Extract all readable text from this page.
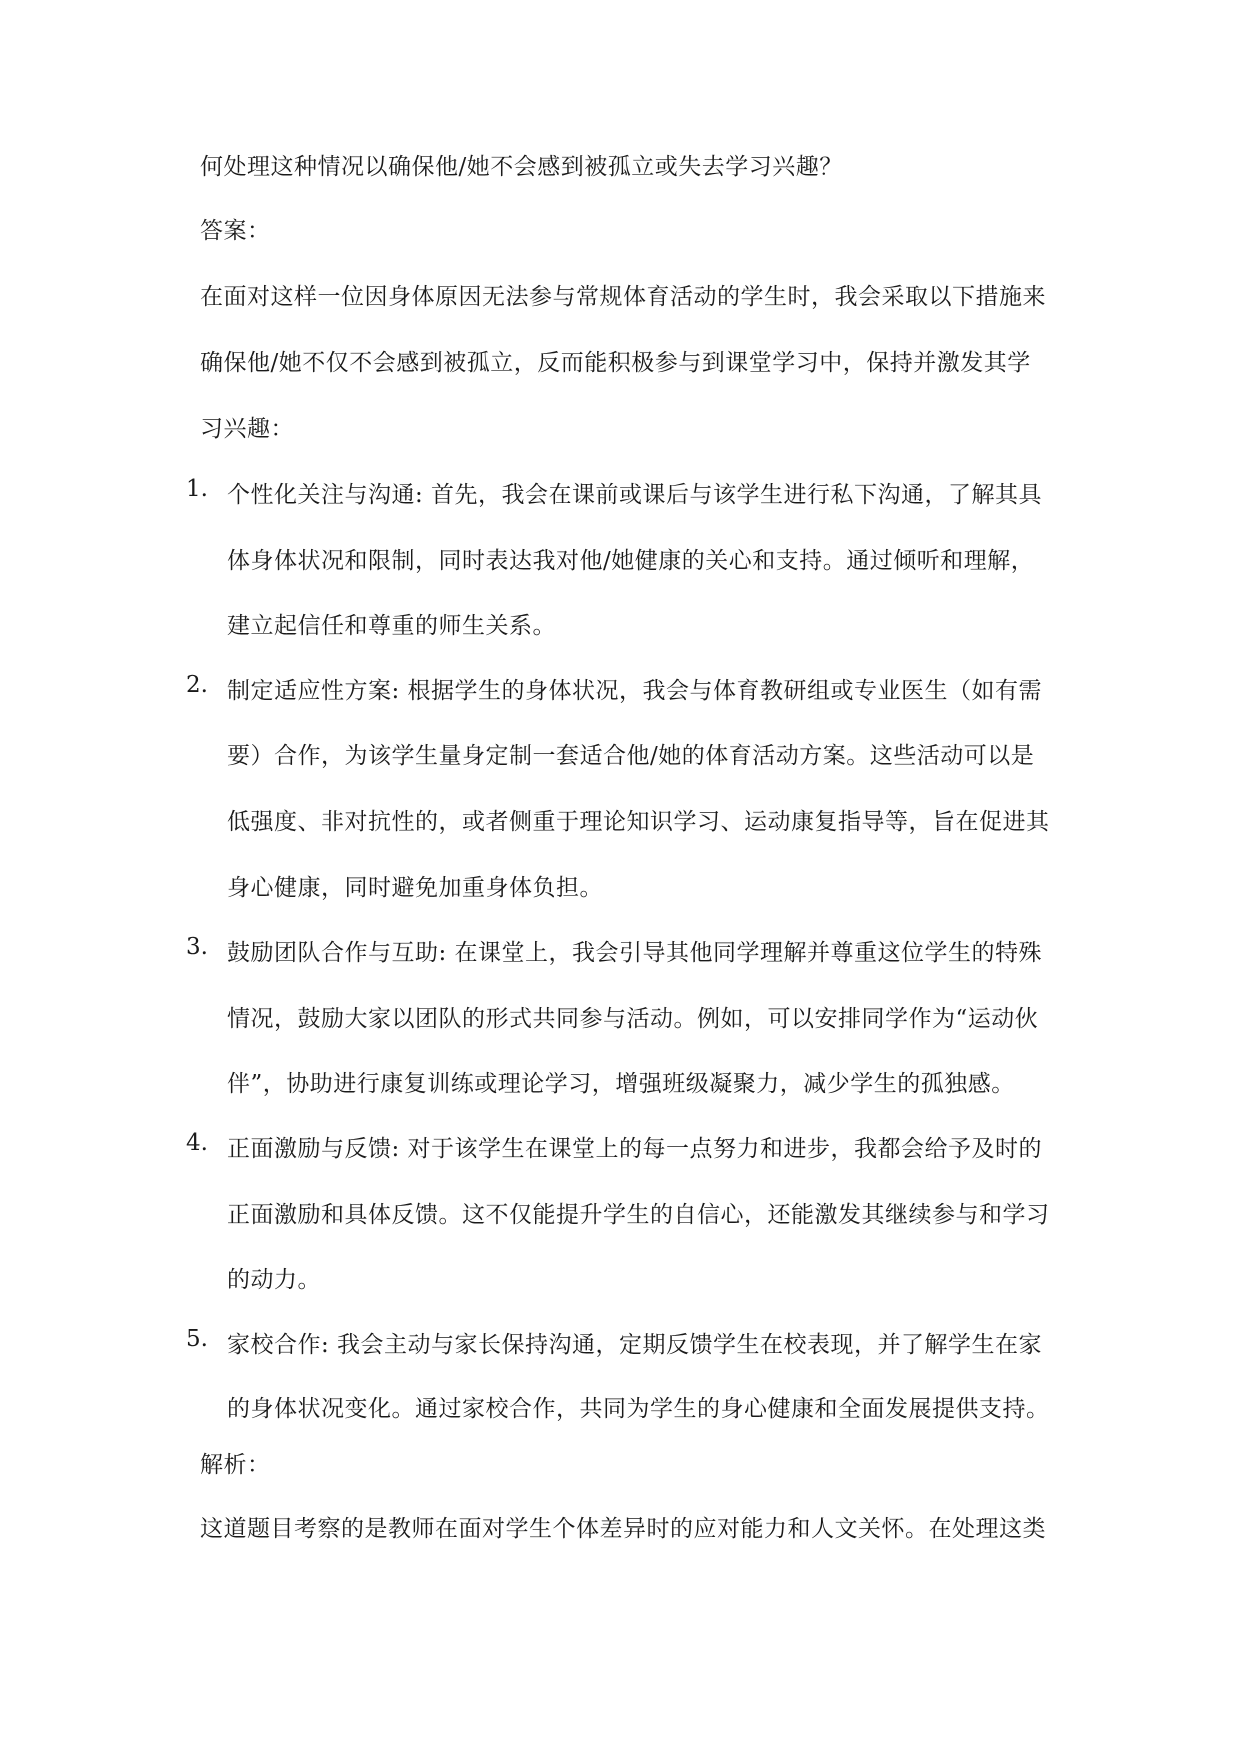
何处理这种情况以确保他/她不会感到被孤立或失去学习兴趣？
答案：
在面对这样一位因身体原因无法参与常规体育活动的学生时，我会采取以下措施来
确保他/她不仅不会感到被孤立，反而能积极参与到课堂学习中，保持并激发其学
习兴趣：
1. 个性化关注与沟通: 首先，我会在课前或课后与该学生进行私下沟通，了解其具
体身体状况和限制，同时表达我对他/她健康的关心和支持。通过倾听和理解，
建立起信任和尊重的师生关系。
2. 制定适应性方案: 根据学生的身体状况，我会与体育教研组或专业医生（如有需
要）合作，为该学生量身定制一套适合他/她的体育活动方案。这些活动可以是
低强度、非对抗性的，或者侧重于理论知识学习、运动康复指导等，旨在促进其
身心健康，同时避免加重身体负担。
3. 鼓励团队合作与互助: 在课堂上，我会引导其他同学理解并尊重这位学生的特殊
情况，鼓励大家以团队的形式共同参与活动。例如，可以安排同学作为“运动伙
伴”，协助进行康复训练或理论学习，增强班级凝聚力，减少学生的孤独感。
4. 正面激励与反馈: 对于该学生在课堂上的每一点努力和进步，我都会给予及时的
正面激励和具体反馈。这不仅能提升学生的自信心，还能激发其继续参与和学习
的动力。
5. 家校合作: 我会主动与家长保持沟通，定期反馈学生在校表现，并了解学生在家
的身体状况变化。通过家校合作，共同为学生的身心健康和全面发展提供支持。
解析：
这道题目考察的是教师在面对学生个体差异时的应对能力和人文关怀。在处理这类
